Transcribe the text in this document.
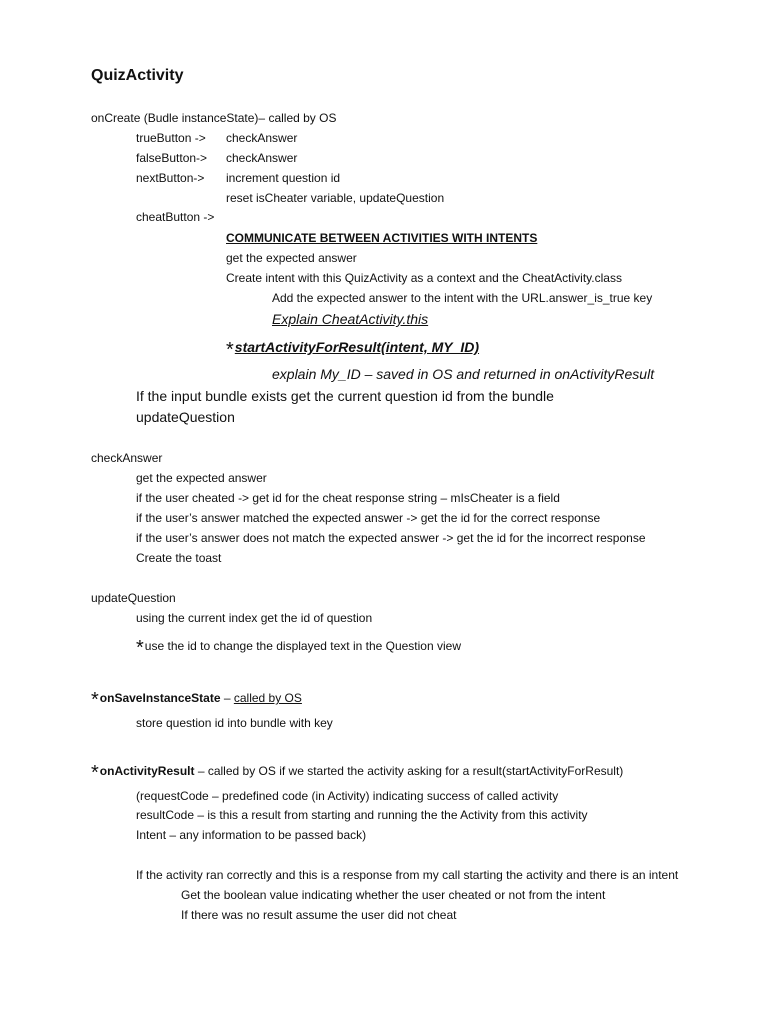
QuizActivity
onCreate (Budle instanceState)– called by OS
trueButton -> checkAnswer
falseButton-> checkAnswer
nextButton-> increment question id
reset isCheater variable, updateQuestion
cheatButton ->
COMMUNICATE BETWEEN ACTIVITIES WITH INTENTS
get the expected answer
Create intent with this QuizActivity as a context and the CheatActivity.class
Add the expected answer to the intent with the URL.answer_is_true key
Explain CheatActivity.this
*startActivityForResult(intent, MY_ID)
explain My_ID – saved in OS and returned in onActivityResult
If the input bundle exists get the current question id from the bundle
updateQuestion
checkAnswer
get the expected answer
if the user cheated -> get id for the cheat response string – mIsCheater is a field
if the user’s answer matched the expected answer -> get the id for the correct response
if the user’s answer does not match the expected answer -> get the id for the incorrect response
Create the toast
updateQuestion
using the current index get the id of question
*use the id to change the displayed text in the Question view
*onSaveInstanceState – called by OS
store question id into bundle with key
*onActivityResult – called by OS if we started the activity asking for a result(startActivityForResult)
(requestCode – predefined code (in Activity) indicating success of called activity
resultCode – is this a result from starting and running the the Activity from this activity
Intent – any information to be passed back)
If the activity ran correctly and this is a response from my call starting the activity and there is an intent
Get the boolean value indicating whether the user cheated or not from the intent
If there was no result assume the user did not cheat
